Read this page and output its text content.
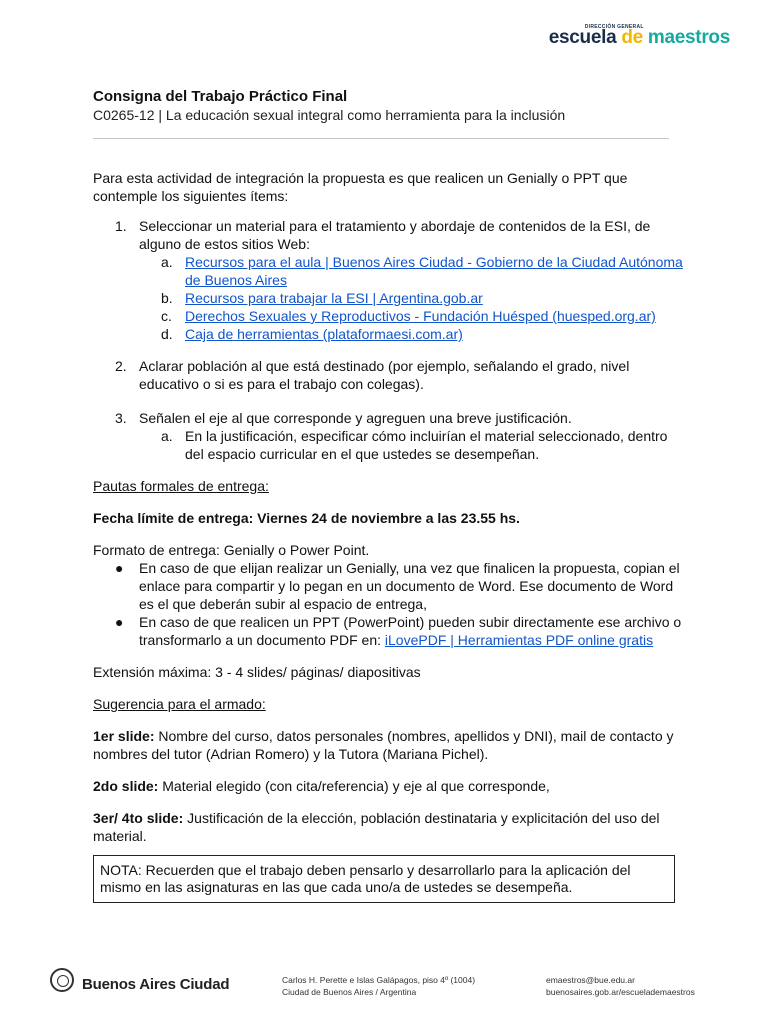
DIRECCIÓN GENERAL
escuela de maestros
Consigna del Trabajo Práctico Final

C0265-12 | La educación sexual integral como herramienta para la inclusión

Para esta actividad de integración la propuesta es que realicen un Genially o PPT que contemple los siguientes ítems:

1. Seleccionar un material para el tratamiento y abordaje de contenidos de la ESI, de alguno de estos sitios Web:
a. Recursos para el aula | Buenos Aires Ciudad - Gobierno de la Ciudad Autónoma de Buenos Aires
b. Recursos para trabajar la ESI | Argentina.gob.ar
c. Derechos Sexuales y Reproductivos - Fundación Huésped (huesped.org.ar)
d. Caja de herramientas (plataformaesi.com.ar)
2. Aclarar población al que está destinado (por ejemplo, señalando el grado, nivel educativo o si es para el trabajo con colegas).
3. Señalen el eje al que corresponde y agreguen una breve justificación.
a. En la justificación, especificar cómo incluirían el material seleccionado, dentro del espacio curricular en el que ustedes se desempeñan.

Pautas formales de entrega:

Fecha límite de entrega: Viernes 24 de noviembre a las 23.55 hs.

Formato de entrega: Genially o Power Point.

● En caso de que elijan realizar un Genially, una vez que finalicen la propuesta, copian el enlace para compartir y lo pegan en un documento de Word. Ese documento de Word es el que deberán subir al espacio de entrega,
● En caso de que realicen un PPT (PowerPoint) pueden subir directamente ese archivo o transformarlo a un documento PDF en: iLovePDF | Herramientas PDF online gratis

Extensión máxima: 3 - 4 slides/ páginas/ diapositivas

Sugerencia para el armado:

1er slide: Nombre del curso, datos personales (nombres, apellidos y DNI), mail de contacto y nombres del tutor (Adrian Romero) y la Tutora (Mariana Pichel).

2do slide: Material elegido (con cita/referencia) y eje al que corresponde,

3er/ 4to slide: Justificación de la elección, población destinataria y explicitación del uso del material.

NOTA: Recuerden que el trabajo deben pensarlo y desarrollarlo para la aplicación del mismo en las asignaturas en las que cada uno/a de ustedes se desempeña.
Buenos Aires Ciudad	Carlos H. Perette e Islas Galápagos, piso 4º (1004)
Ciudad de Buenos Aires / Argentina
emaestros@bue.edu.ar
buenosaires.gob.ar/escuelademaestros
